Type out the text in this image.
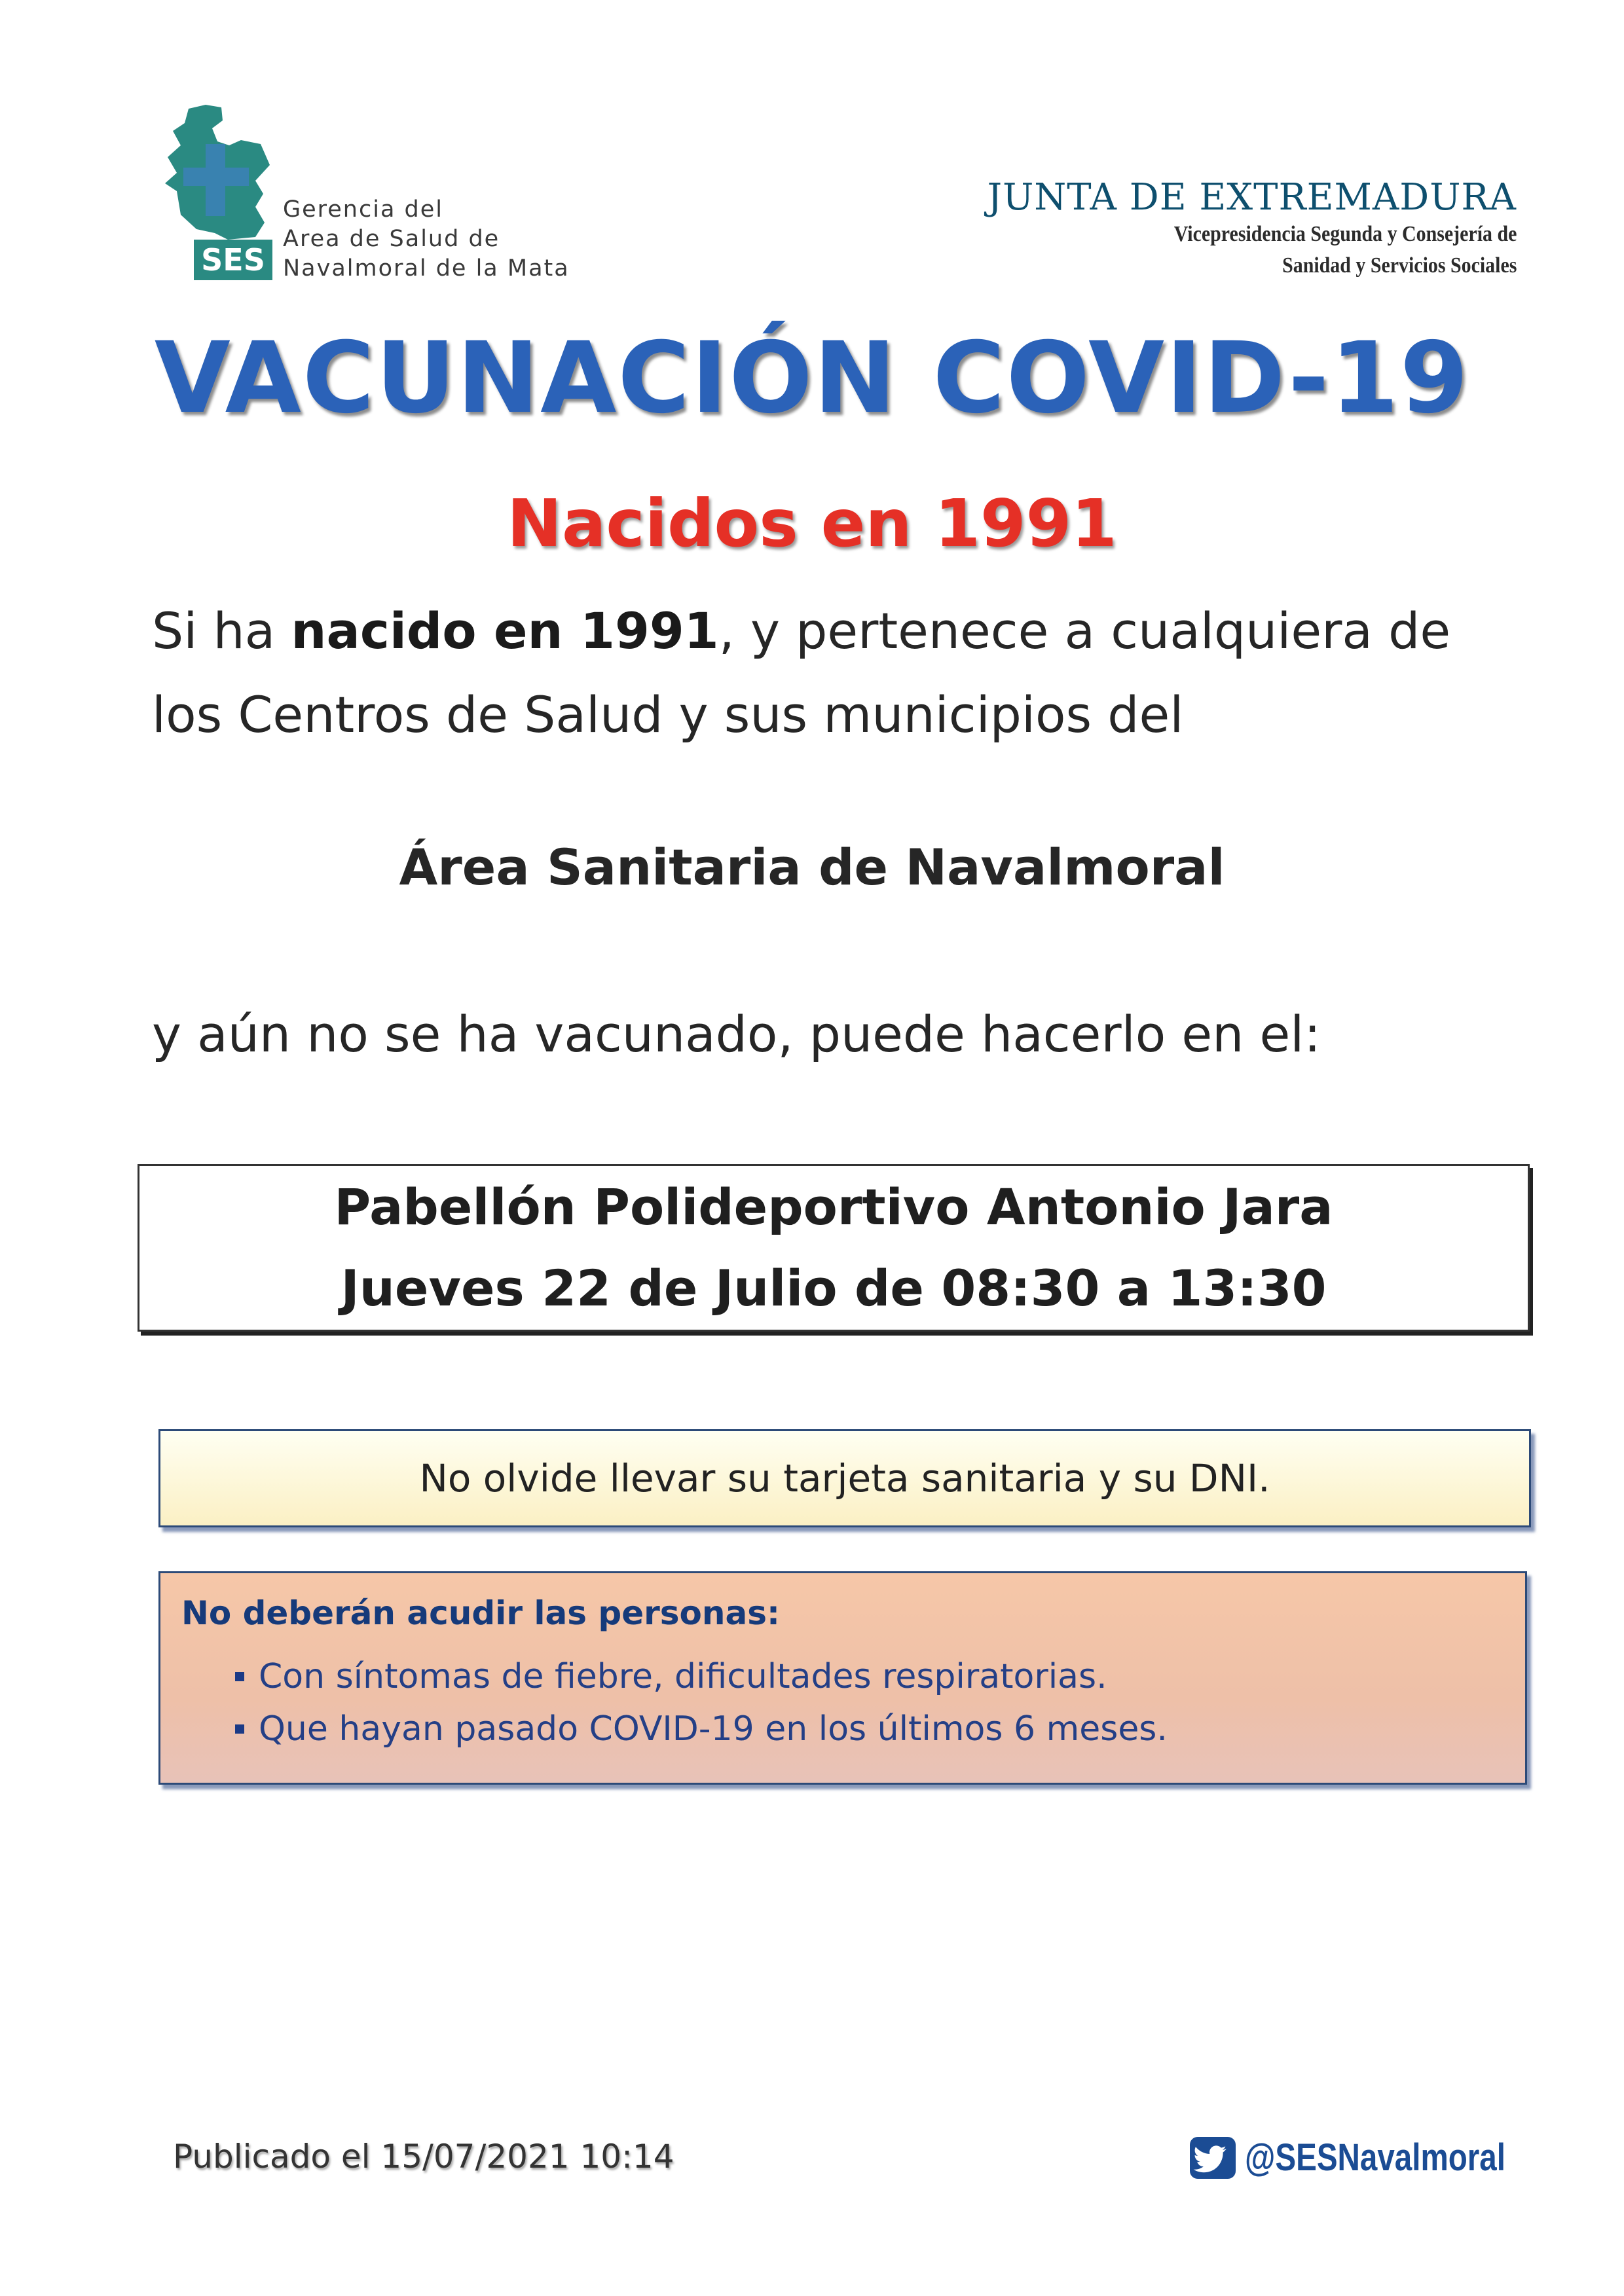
SES
Gerencia del
Area de Salud de
Navalmoral de la Mata
JUNTA DE EXTREMADURA
Vicepresidencia Segunda y Consejería de
Sanidad y Servicios Sociales
VACUNACIÓN COVID-19
Nacidos en 1991
Si ha nacido en 1991, y pertenece a cualquiera de los Centros de Salud y sus municipios del
Área Sanitaria de Navalmoral
y aún no se ha vacunado, puede hacerlo en el:
Pabellón Polideportivo Antonio Jara
Jueves 22 de Julio de 08:30 a 13:30
No olvide llevar su tarjeta sanitaria y su DNI.
No deberán acudir las personas:
Con síntomas de fiebre, dificultades respiratorias.
Que hayan pasado COVID-19 en los últimos 6 meses.
Publicado el 15/07/2021 10:14	@SESNavalmoral
